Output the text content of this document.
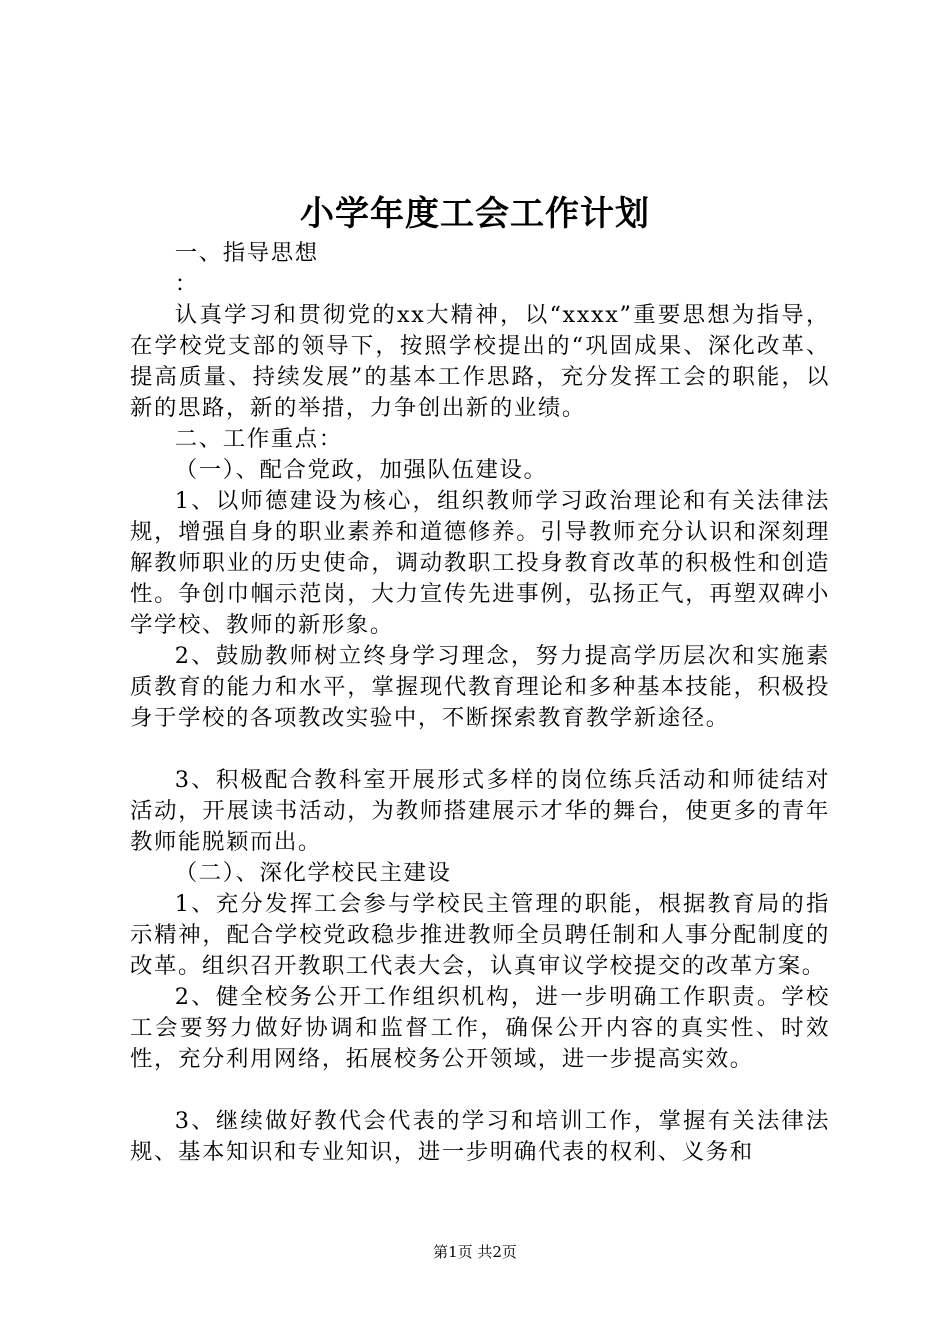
小学年度工会工作计划

一、指导思想

：

认真学习和贯彻党的xx大精神，以“xxxx”重要思想为指导，在学校党支部的领导下，按照学校提出的“巩固成果、深化改革、提高质量、持续发展”的基本工作思路，充分发挥工会的职能，以新的思路，新的举措，力争创出新的业绩。

二、工作重点：

（一）、配合党政，加强队伍建设。

1、以师德建设为核心，组织教师学习政治理论和有关法律法规，增强自身的职业素养和道德修养。引导教师充分认识和深刻理解教师职业的历史使命，调动教职工投身教育改革的积极性和创造性。争创巾帼示范岗，大力宣传先进事例，弘扬正气，再塑双碑小学学校、教师的新形象。

2、鼓励教师树立终身学习理念，努力提高学历层次和实施素质教育的能力和水平，掌握现代教育理论和多种基本技能，积极投身于学校的各项教改实验中，不断探索教育教学新途径。

3、积极配合教科室开展形式多样的岗位练兵活动和师徒结对活动，开展读书活动，为教师搭建展示才华的舞台，使更多的青年教师能脱颖而出。

（二）、深化学校民主建设

1、充分发挥工会参与学校民主管理的职能，根据教育局的指示精神，配合学校党政稳步推进教师全员聘任制和人事分配制度的改革。组织召开教职工代表大会，认真审议学校提交的改革方案。

2、健全校务公开工作组织机构，进一步明确工作职责。学校工会要努力做好协调和监督工作，确保公开内容的真实性、时效性，充分利用网络，拓展校务公开领域，进一步提高实效。

3、继续做好教代会代表的学习和培训工作，掌握有关法律法规、基本知识和专业知识，进一步明确代表的权利、义务和

第1页 共2页
